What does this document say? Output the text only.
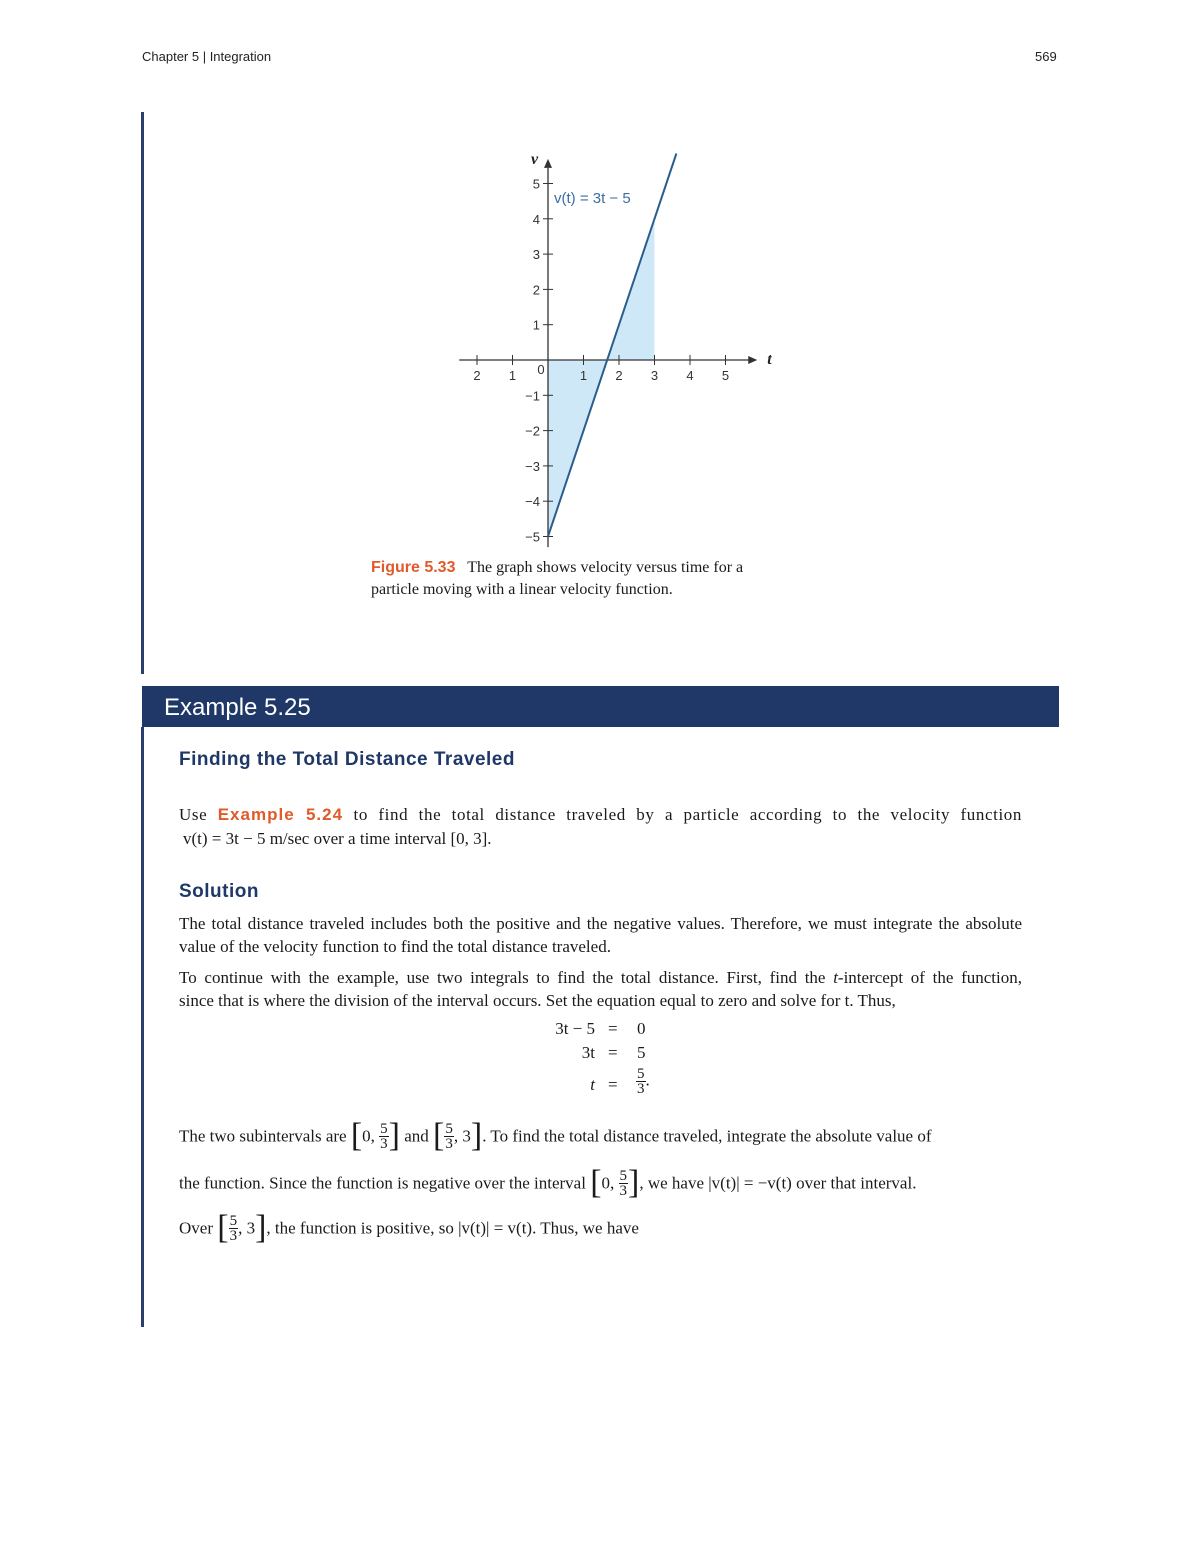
Chapter 5 | Integration	569
2 1 0	1 2 3 4 5
5
4
3
2
1
−1
−2
−3
−4
−5
t
v
v(t) = 3t − 5
Figure 5.33 The graph shows velocity versus time for a particle moving with a linear velocity function.
Example 5.25
Finding the Total Distance Traveled
Use Example 5.24 to find the total distance traveled by a particle according to the velocity function
v(t) = 3t − 5 m/sec over a time interval [0, 3].
Solution
The total distance traveled includes both the positive and the negative values. Therefore, we must integrate the absolute value of the velocity function to find the total distance traveled.
To continue with the example, use two integrals to find the total distance. First, find the t-intercept of the function,
since that is where the division of the interval occurs. Set the equation equal to zero and solve for t. Thus,
3t − 5 = 0
3t = 5
$t = \frac{5}{3}$ .
The two subintervals are [0, $\frac{5}{3}$ ] and [ $\frac{5}{3}$ , 3]. To find the total distance traveled, integrate the absolute value of
the function. Since the function is negative over the interval [0, $\frac{5}{3}$ ], we have |v(t)| = −v(t) over that interval.
Over [ $\frac{5}{3}$ , 3], the function is positive, so |v(t)| = v(t). Thus, we have
